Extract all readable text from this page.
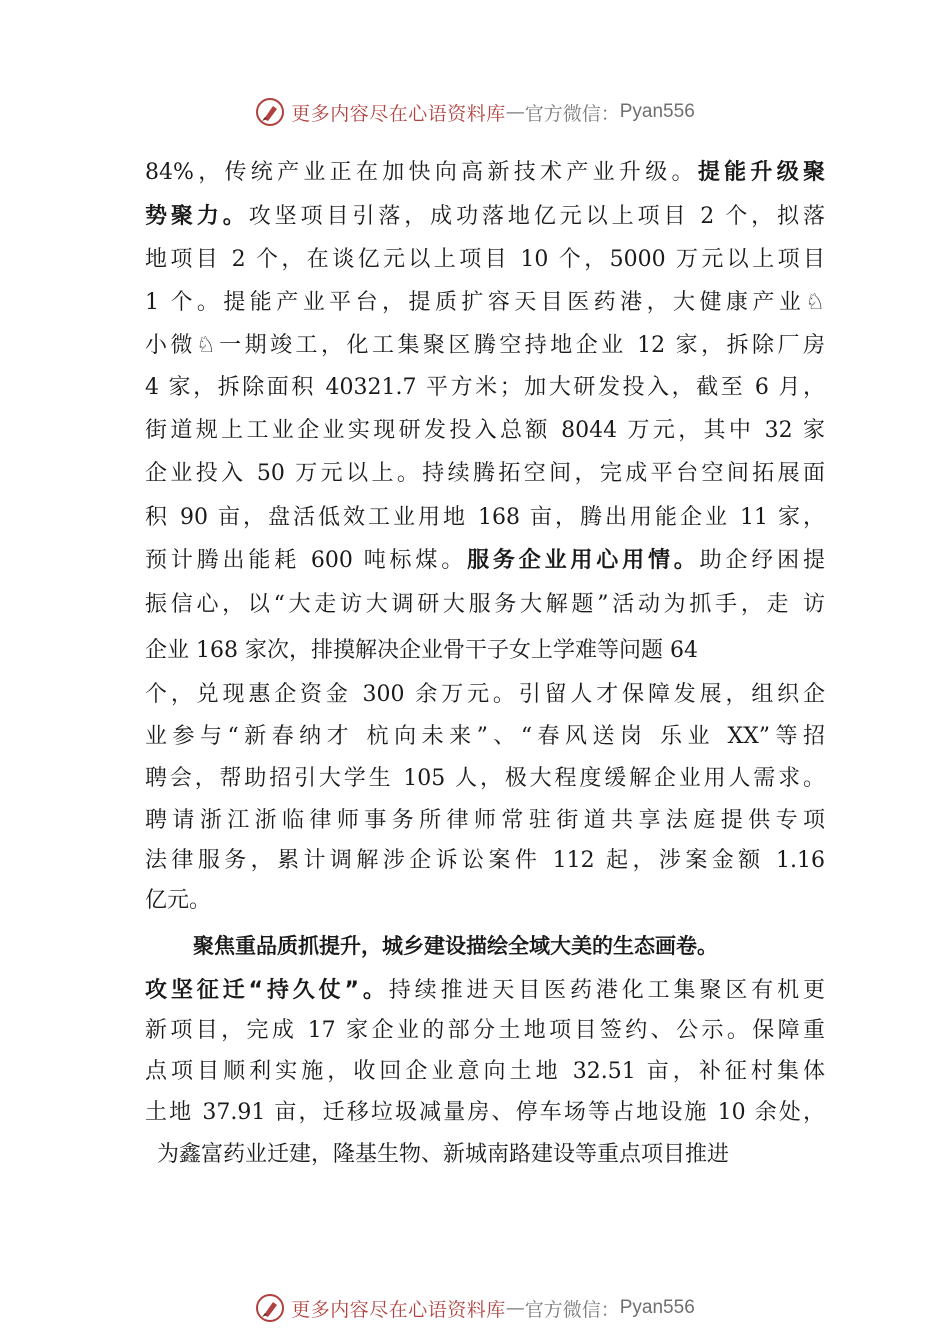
更多内容尽在心语资料库 — 官方微信： Pyan556
84%，传统产业正在加快向高新技术产业升级。提能升级聚
势聚力。攻坚项目引落，成功落地亿元以上项目 2 个，拟落
地项目 2 个，在谈亿元以上项目 10 个，5000 万元以上项目
1 个。提能产业平台，提质扩容天目医药港，大健康产业♘
小微♘一期竣工，化工集聚区腾空持地企业 12 家，拆除厂房
4 家，拆除面积 40321.7 平方米；加大研发投入，截至 6 月，
街道规上工业企业实现研发投入总额 8044 万元，其中 32 家
企业投入 50 万元以上。持续腾拓空间，完成平台空间拓展面
积 90 亩，盘活低效工业用地 168 亩，腾出用能企业 11 家，
预计腾出能耗 600 吨标煤。服务企业用心用情。助企纾困提
振信心，以“大走访大调研大服务大解题”活动为抓手，走 访
企业 168 家次，排摸解决企业骨干子女上学难等问题 64
个，兑现惠企资金 300 余万元。引留人才保障发展，组织企
业参与“新春纳才 杭向未来”、“春风送岗 乐业 XX”等招
聘会，帮助招引大学生 105 人，极大程度缓解企业用人需求。
聘请浙江浙临律师事务所律师常驻街道共享法庭提供专项
法律服务，累计调解涉企诉讼案件 112 起，涉案金额 1.16
亿元。
聚焦重品质抓提升，城乡建设描绘全域大美的生态画卷。
攻坚征迁“持久仗”。持续推进天目医药港化工集聚区有机更
新项目，完成 17 家企业的部分土地项目签约、公示。保障重
点项目顺利实施，收回企业意向土地 32.51 亩，补征村集体
土地 37.91 亩，迁移垃圾减量房、停车场等占地设施 10 余处，
为鑫富药业迁建，隆基生物、新城南路建设等重点项目推进
更多内容尽在心语资料库 — 官方微信： Pyan556
